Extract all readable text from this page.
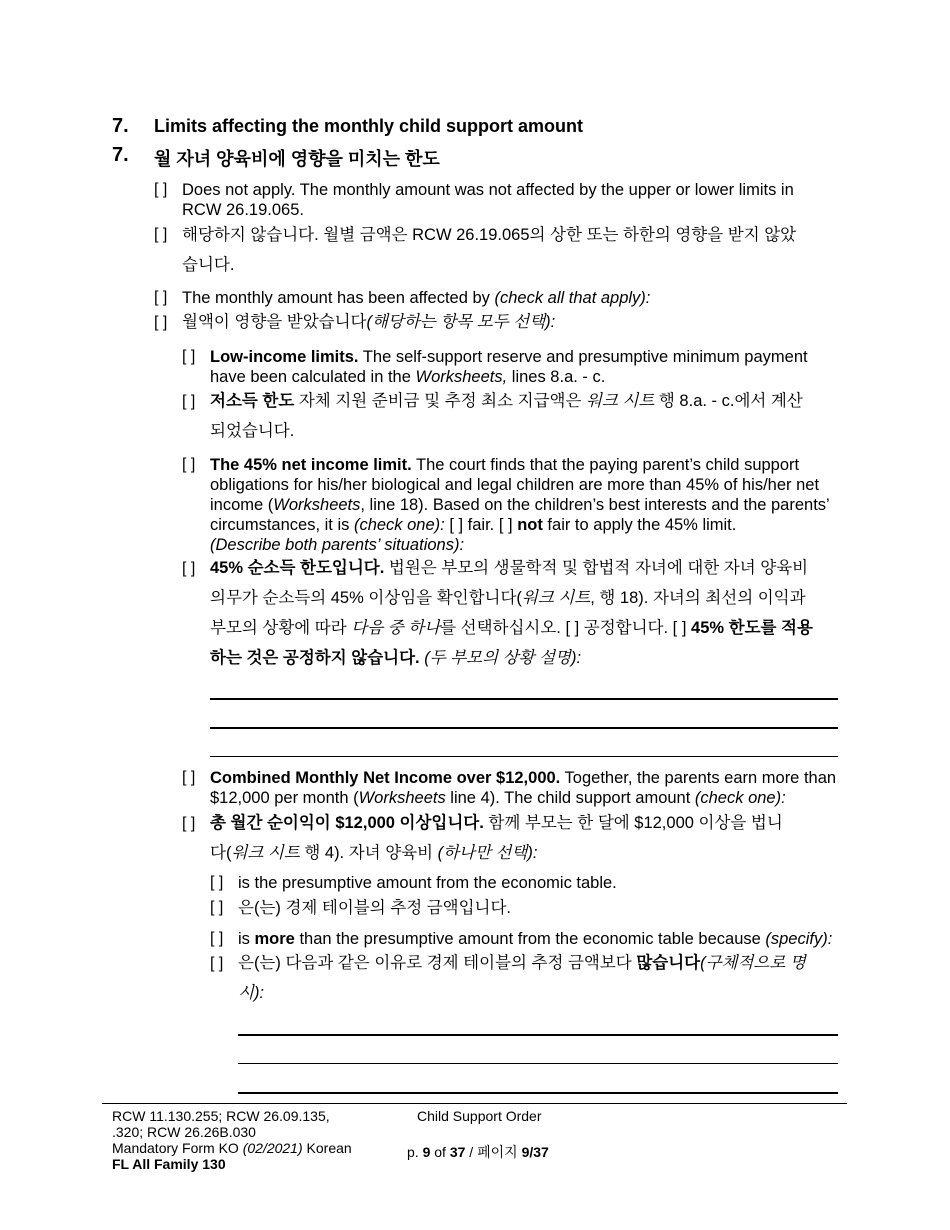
7. Limits affecting the monthly child support amount
7. 월 자녀 양육비에 영향을 미치는 한도
[ ] Does not apply. The monthly amount was not affected by the upper or lower limits in RCW 26.19.065.
[ ] 해당하지 않습니다. 월별 금액은 RCW 26.19.065의 상한 또는 하한의 영향을 받지 않았습니다.
[ ] The monthly amount has been affected by (check all that apply):
[ ] 월액이 영향을 받았습니다(해당하는 항목 모두 선택):
[ ] Low-income limits. The self-support reserve and presumptive minimum payment have been calculated in the Worksheets, lines 8.a. - c.
[ ] 저소득 한도 자체 지원 준비금 및 추정 최소 지급액은 워크 시트 행 8.a. - c.에서 계산되었습니다.
[ ] The 45% net income limit. The court finds that the paying parent’s child support obligations for his/her biological and legal children are more than 45% of his/her net income (Worksheets, line 18). Based on the children’s best interests and the parents’ circumstances, it is (check one): [ ] fair. [ ] not fair to apply the 45% limit.
(Describe both parents’ situations):
[ ] 45% 순소득 한도입니다. 법원은 부모의 생물학적 및 합법적 자녀에 대한 자녀 양육비 의무가 순소득의 45% 이상임을 확인합니다(워크 시트, 행 18). 자녀의 최선의 이익과 부모의 상황에 따라 다음 중 하나를 선택하십시오. [ ] 공정합니다. [ ] 45% 한도를 적용하는 것은 공정하지 않습니다. (두 부모의 상황 설명):
[ ] Combined Monthly Net Income over $12,000. Together, the parents earn more than $12,000 per month (Worksheets line 4). The child support amount (check one):
[ ] 총 월간 순이익이 $12,000 이상입니다. 함께 부모는 한 달에 $12,000 이상을 법니다(워크 시트 행 4). 자녀 양육비 (하나만 선택):
[ ] is the presumptive amount from the economic table.
[ ] 은(는) 경제 테이블의 추정 금액입니다.
[ ] is more than the presumptive amount from the economic table because (specify):
[ ] 은(는) 다음과 같은 이유로 경제 테이블의 추정 금액보다 많습니다(구체적으로 명시):
RCW 11.130.255; RCW 26.09.135,
.320; RCW 26.26B.030
Mandatory Form KO (02/2021) Korean
FL All Family 130
Child Support Order
p. 9 of 37 / 페이지 9/37
